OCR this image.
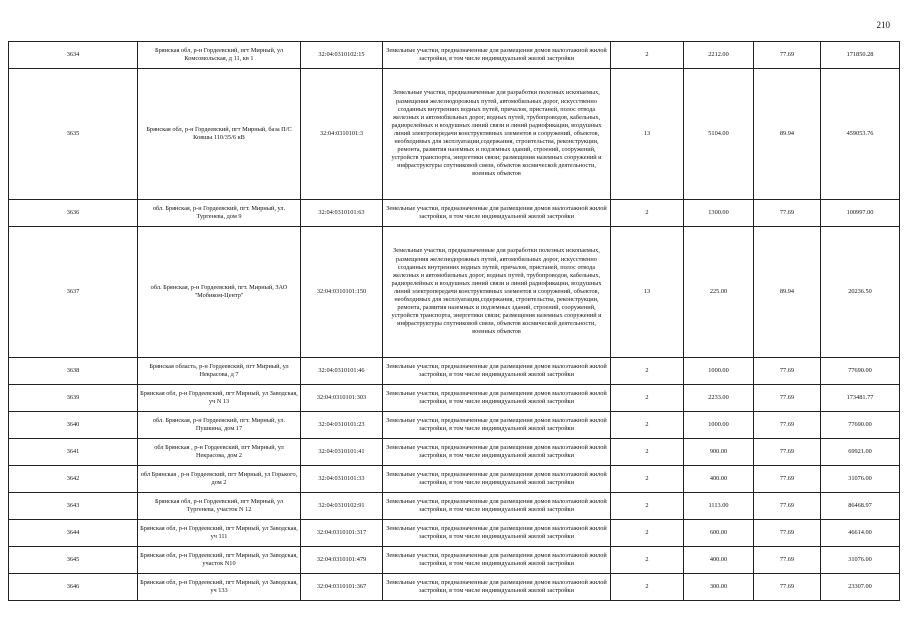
210
3634	Брянская обл, р-н Гордеевский, пгт Мирный, ул Комсомольская, д 11, кв 1	32:04:0310102:15	Земельные участки, предназначенные для размещения домов малоэтажной жилой застройки, в том числе индивидуальной жилой застройки	2	2212.00	77.69	171850.28
3635	Брянская обл, р-н Гордеевский, пгт Мирный, база П/С Ковшы 110/35/6 кВ	32:04:0310101:3	Земельные участки, предназначенные для разработки полезных ископаемых, размещения железнодорожных путей, автомобильных дорог, искусственно созданных внутренних водных путей, причалов, пристаней, полос отвода железных и автомобильных дорог, водных путей, трубопроводов, кабельных, радиорелейных и воздушных линий связи и линий радиофикации, воздушных линий электропередачи конструктивных элементов и сооружений, объектов, необходимых для эксплуатации,содержания, строительства, реконструкции, ремонта, развития наземных и подземных зданий, строений, сооружений, устройств транспорта, энергетики связи; размещения наземных сооружений и инфраструктуры спутниковой связи, объектов космической деятельности, военных объектов	13	5104.00	89.94	459053.76
3636	обл. Брянская, р-н Гордеевский, пгт. Мирный, ул. Тургенева, дом 9	32:04:0310101:63	Земельные участки, предназначенные для размещения домов малоэтажной жилой застройки, в том числе индивидуальной жилой застройки	2	1300.00	77.69	100997.00
3637	обл. Брянская, р-н Гордеевский, пгт. Мирный, ЗАО "Мобиком-Центр"	32:04:0310101:150	Земельные участки, предназначенные для разработки полезных ископаемых, размещения железнодорожных путей, автомобильных дорог, искусственно созданных внутренних водных путей, причалов, пристаней, полос отвода железных и автомобильных дорог, водных путей, трубопроводов, кабельных, радиорелейных и воздушных линий связи и линий радиофикации, воздушных линий электропередачи конструктивных элементов и сооружений, объектов, необходимых для эксплуатации,содержания, строительства, реконструкции, ремонта, развития наземных и подземных зданий, строений, сооружений, устройств транспорта, энергетики связи; размещения наземных сооружений и инфраструктуры спутниковой связи, объектов космической деятельности, военных объектов	13	225.00	89.94	20236.50
3638	Брянская область, р-н Гордеевский, пгт Мирный, ул Некрасова, д 7	32:04:0310101:46	Земельные участки, предназначенные для размещения домов малоэтажной жилой застройки, в том числе индивидуальной жилой застройки	2	1000.00	77.69	77690.00
3639	Брянская обл, р-н Гордеевский, пгт Мирный, ул Заводская, уч N 13	32:04:0310101:303	Земельные участки, предназначенные для размещения домов малоэтажной жилой застройки, в том числе индивидуальной жилой застройки	2	2233.00	77.69	173481.77
3640	обл. Брянская, р-н Гордеевский, пгт. Мирный, ул. Пушкина, дом 17	32:04:0310101:23	Земельные участки, предназначенные для размещения домов малоэтажной жилой застройки, в том числе индивидуальной жилой застройки	2	1000.00	77.69	77690.00
3641	обл Брянская , р-н Гордеевский, пгт Мирный, ул Некрасова, дом 2	32:04:0310101:41	Земельные участки, предназначенные для размещения домов малоэтажной жилой застройки, в том числе индивидуальной жилой застройки	2	900.00	77.69	69921.00
3642	обл Брянская , р-н Гордеевский, пгт Мирный, ул Горького, дом 2	32:04:0310101:33	Земельные участки, предназначенные для размещения домов малоэтажной жилой застройки, в том числе индивидуальной жилой застройки	2	400.00	77.69	31076.00
3643	Брянская обл, р-н Гордеевский, пгт Мирный, ул Тургенева, участок N 12	32:04:0310102:91	Земельные участки, предназначенные для размещения домов малоэтажной жилой застройки, в том числе индивидуальной жилой застройки	2	1113.00	77.69	86468.97
3644	Брянская обл, р-н Гордеевский, пгт Мирный, ул Заводская, уч 111	32:04:0310101:317	Земельные участки, предназначенные для размещения домов малоэтажной жилой застройки, в том числе индивидуальной жилой застройки	2	600.00	77.69	46614.00
3645	Брянская обл, р-н Гордеевский, пгт Мирный, ул Заводская, участок N10	32:04:0310101:479	Земельные участки, предназначенные для размещения домов малоэтажной жилой застройки, в том числе индивидуальной жилой застройки	2	400.00	77.69	31076.00
3646	Брянская обл, р-н Гордеевский, пгт Мирный, ул Заводская, уч 133	32:04:0310101:367	Земельные участки, предназначенные для размещения домов малоэтажной жилой застройки, в том числе индивидуальной жилой застройки	2	300.00	77.69	23307.00
